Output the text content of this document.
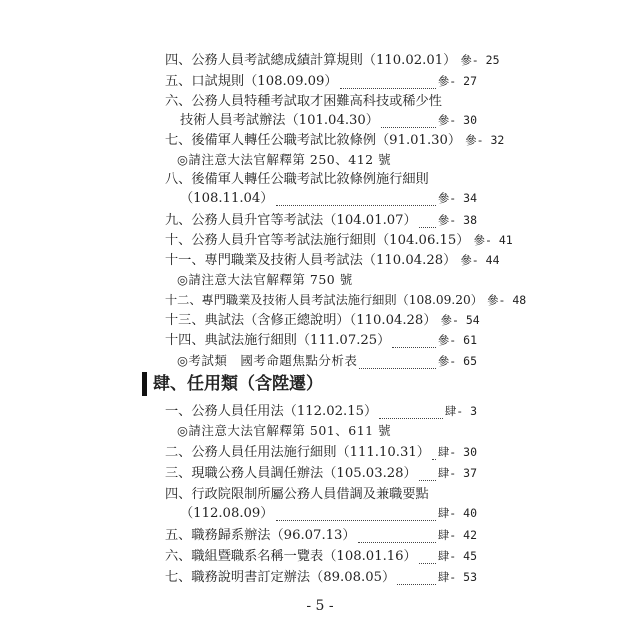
四、公務人員考試總成績計算規則（110.02.01） 參- 25
五、口試規則（108.09.09）	參- 27
六、公務人員特種考試取才困難高科技或稀少性
技術人員考試辦法（101.04.30）	參- 30
七、後備軍人轉任公職考試比敘條例（91.01.30） 參- 32
◎請注意大法官解釋第 250、412 號
八、後備軍人轉任公職考試比敘條例施行細則
（108.11.04）	參- 34
九、公務人員升官等考試法（104.01.07） 參- 38
十、公務人員升官等考試法施行細則（104.06.15） 參- 41
十一、專門職業及技術人員考試法（110.04.28） 參- 44
◎請注意大法官解釋第 750 號
十二、專門職業及技術人員考試法施行細則（108.09.20） 參- 48
十三、典試法（含修正總說明）（110.04.28） 參- 54
十四、典試法施行細則（111.07.25）	參- 61
◎考試類　國考命題焦點分析表	參- 65
肆、任用類（含陞遷）
一、公務人員任用法（112.02.15）	肆- 3
◎請注意大法官解釋第 501、611 號
二、公務人員任用法施行細則（111.10.31） 肆- 30
三、現職公務人員調任辦法（105.03.28） 肆- 37
四、行政院限制所屬公務人員借調及兼職要點
（112.08.09）	肆- 40
五、職務歸系辦法（96.07.13）	肆- 42
六、職組暨職系名稱一覽表（108.01.16） 肆- 45
七、職務說明書訂定辦法（89.08.05）	肆- 53
- 5 -
